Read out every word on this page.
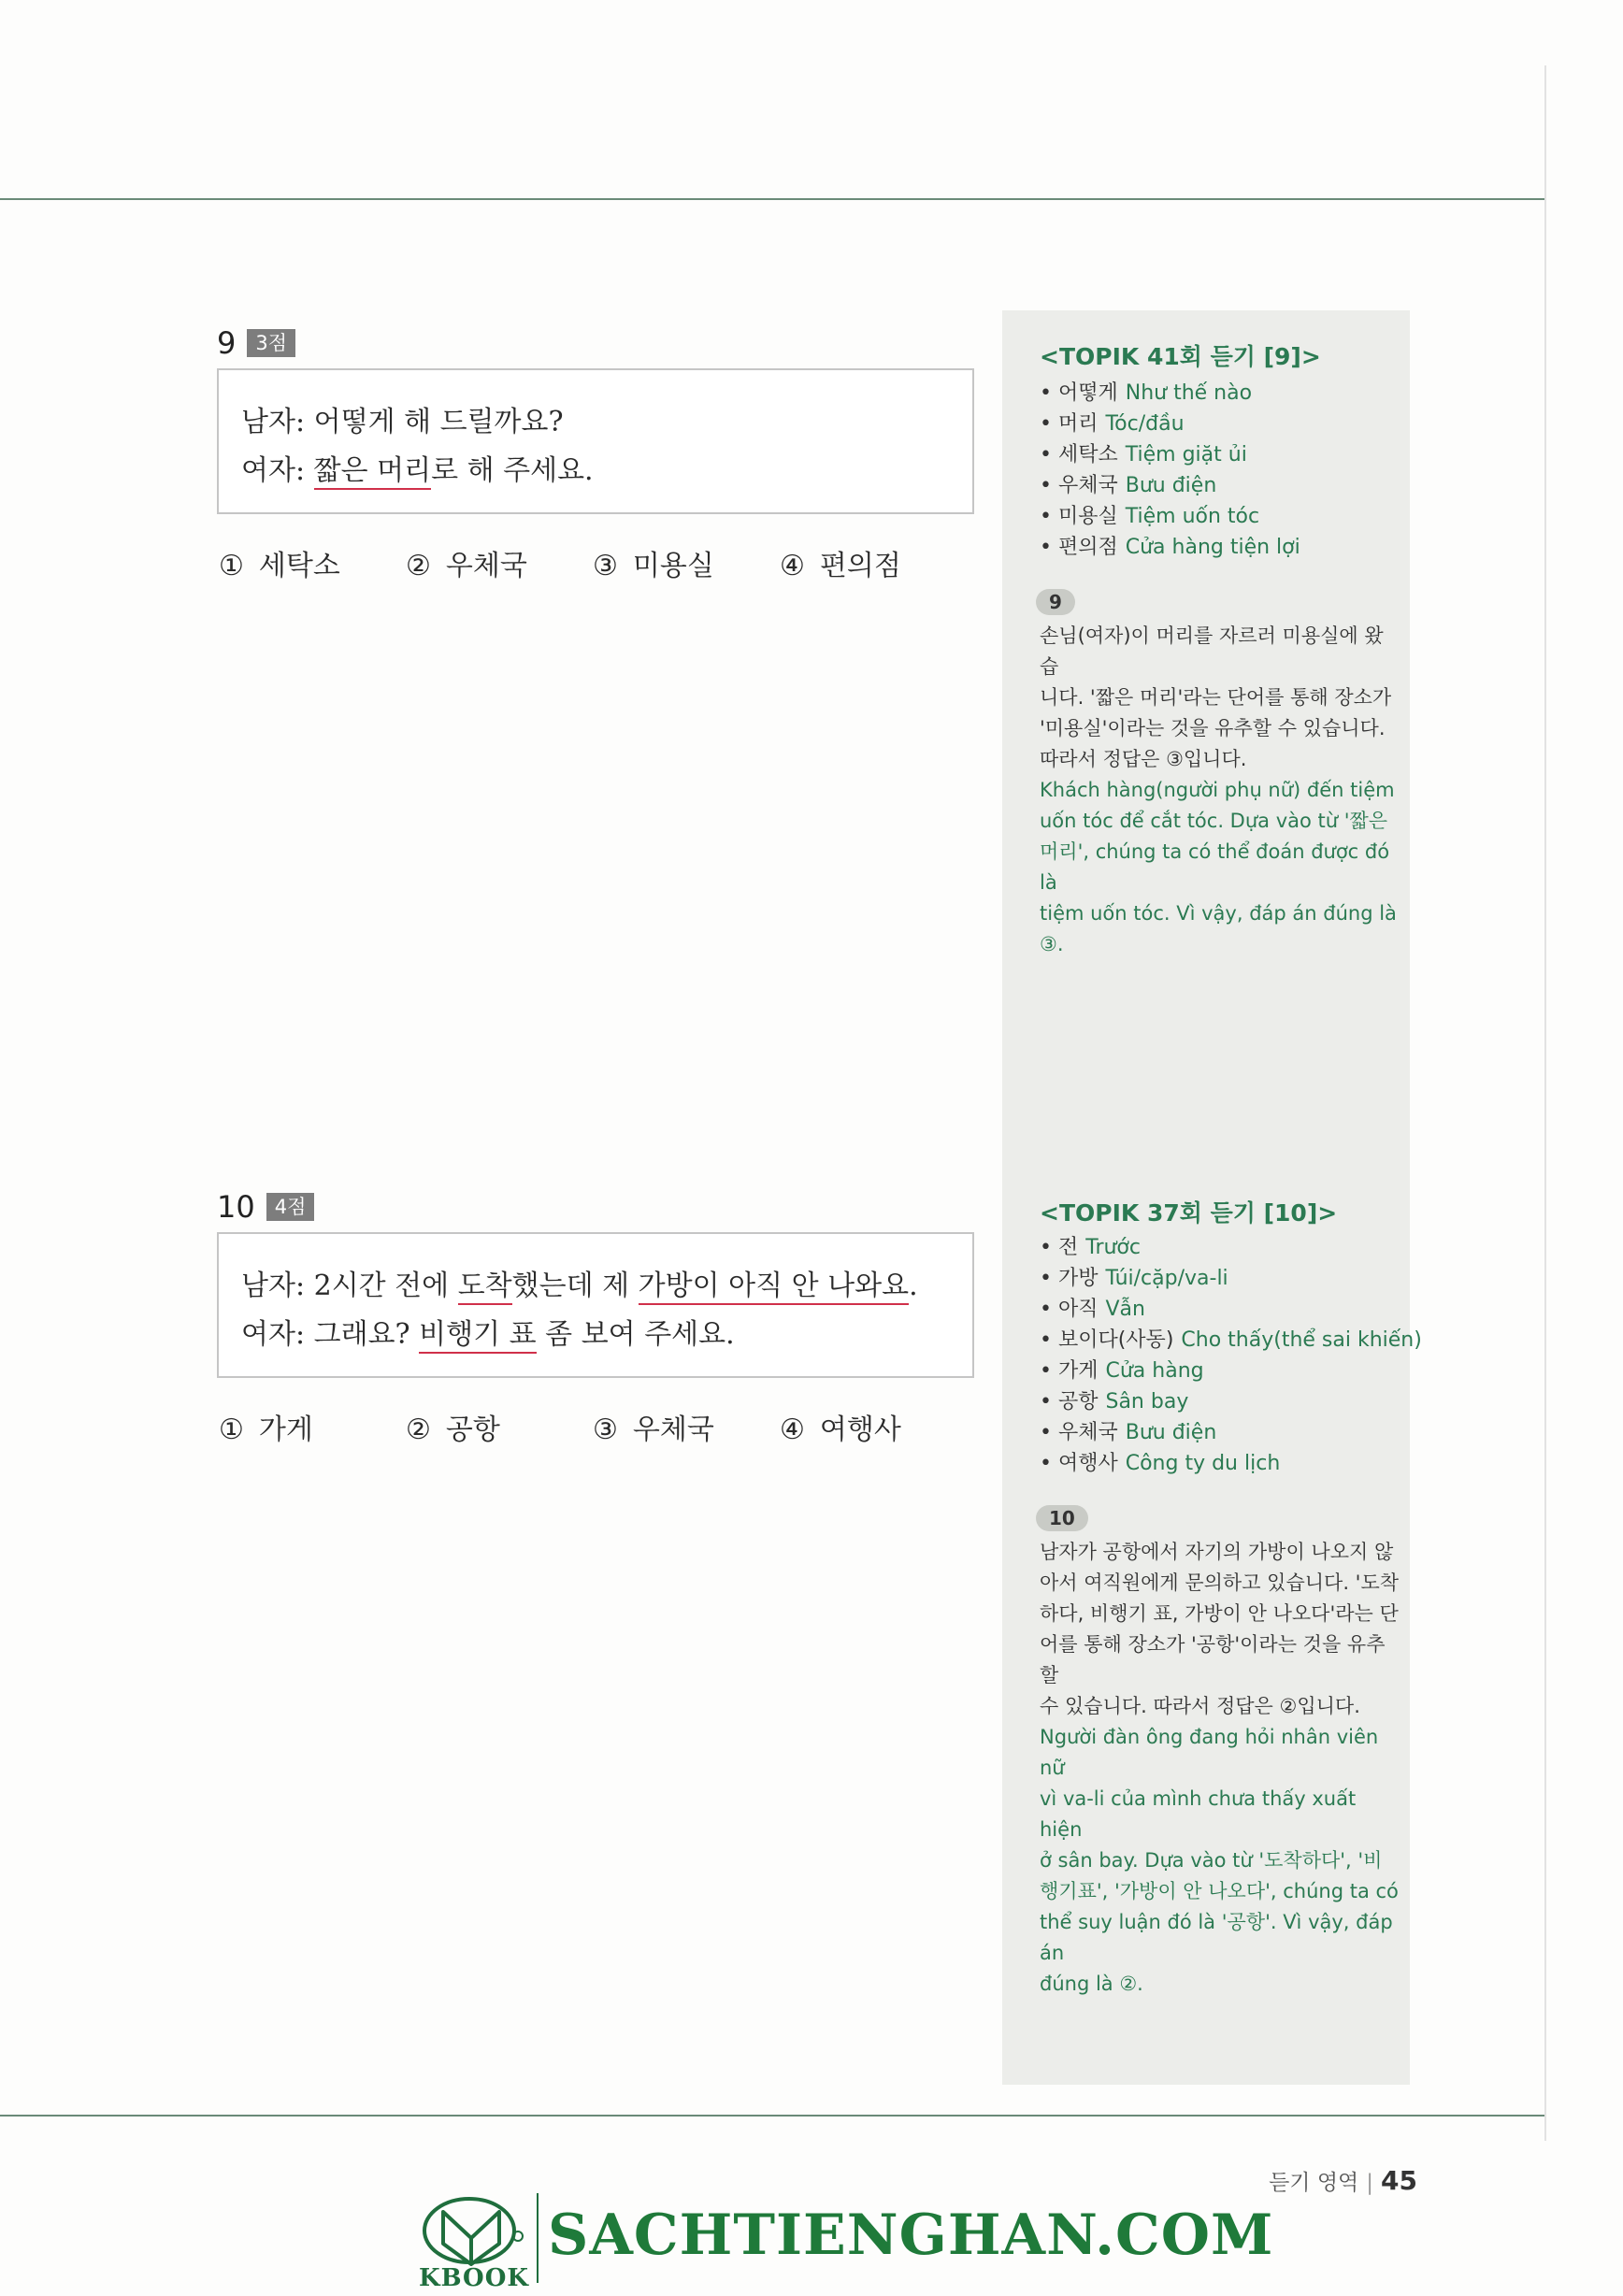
9	3점
남자: 어떻게 해 드릴까요?
여자: 짧은 머리로 해 주세요.
① 세탁소	② 우체국	③ 미용실	④ 편의점
10	4점
남자: 2시간 전에 도착했는데 제 가방이 아직 안 나와요.
여자: 그래요? 비행기 표 좀 보여 주세요.
① 가게	② 공항	③ 우체국	④ 여행사
<TOPIK 41회 듣기 [9]>
• 어떻게 Như thế nào
• 머리 Tóc/đầu
• 세탁소 Tiệm giặt ủi
• 우체국 Bưu điện
• 미용실 Tiệm uốn tóc
• 편의점 Cửa hàng tiện lợi
9
손님(여자)이 머리를 자르러 미용실에 왔습
니다. '짧은 머리'라는 단어를 통해 장소가
'미용실'이라는 것을 유추할 수 있습니다.
따라서 정답은 ③입니다.
Khách hàng(người phụ nữ) đến tiệm
uốn tóc để cắt tóc. Dựa vào từ '짧은
머리', chúng ta có thể đoán được đó là
tiệm uốn tóc. Vì vậy, đáp án đúng là
③.
<TOPIK 37회 듣기 [10]>
• 전 Trước
• 가방 Túi/cặp/va-li
• 아직 Vẫn
• 보이다(사동) Cho thấy(thể sai khiến)
• 가게 Cửa hàng
• 공항 Sân bay
• 우체국 Bưu điện
• 여행사 Công ty du lịch
10
남자가 공항에서 자기의 가방이 나오지 않
아서 여직원에게 문의하고 있습니다. '도착
하다, 비행기 표, 가방이 안 나오다'라는 단
어를 통해 장소가 '공항'이라는 것을 유추할
수 있습니다. 따라서 정답은 ②입니다.
Người đàn ông đang hỏi nhân viên nữ
vì va-li của mình chưa thấy xuất hiện
ở sân bay. Dựa vào từ '도착하다', '비
행기표', '가방이 안 나오다', chúng ta có
thể suy luận đó là '공항'. Vì vậy, đáp án
đúng là ②.
듣기 영역 | 45
KBOOK
SACHTIENGHAN.COM
